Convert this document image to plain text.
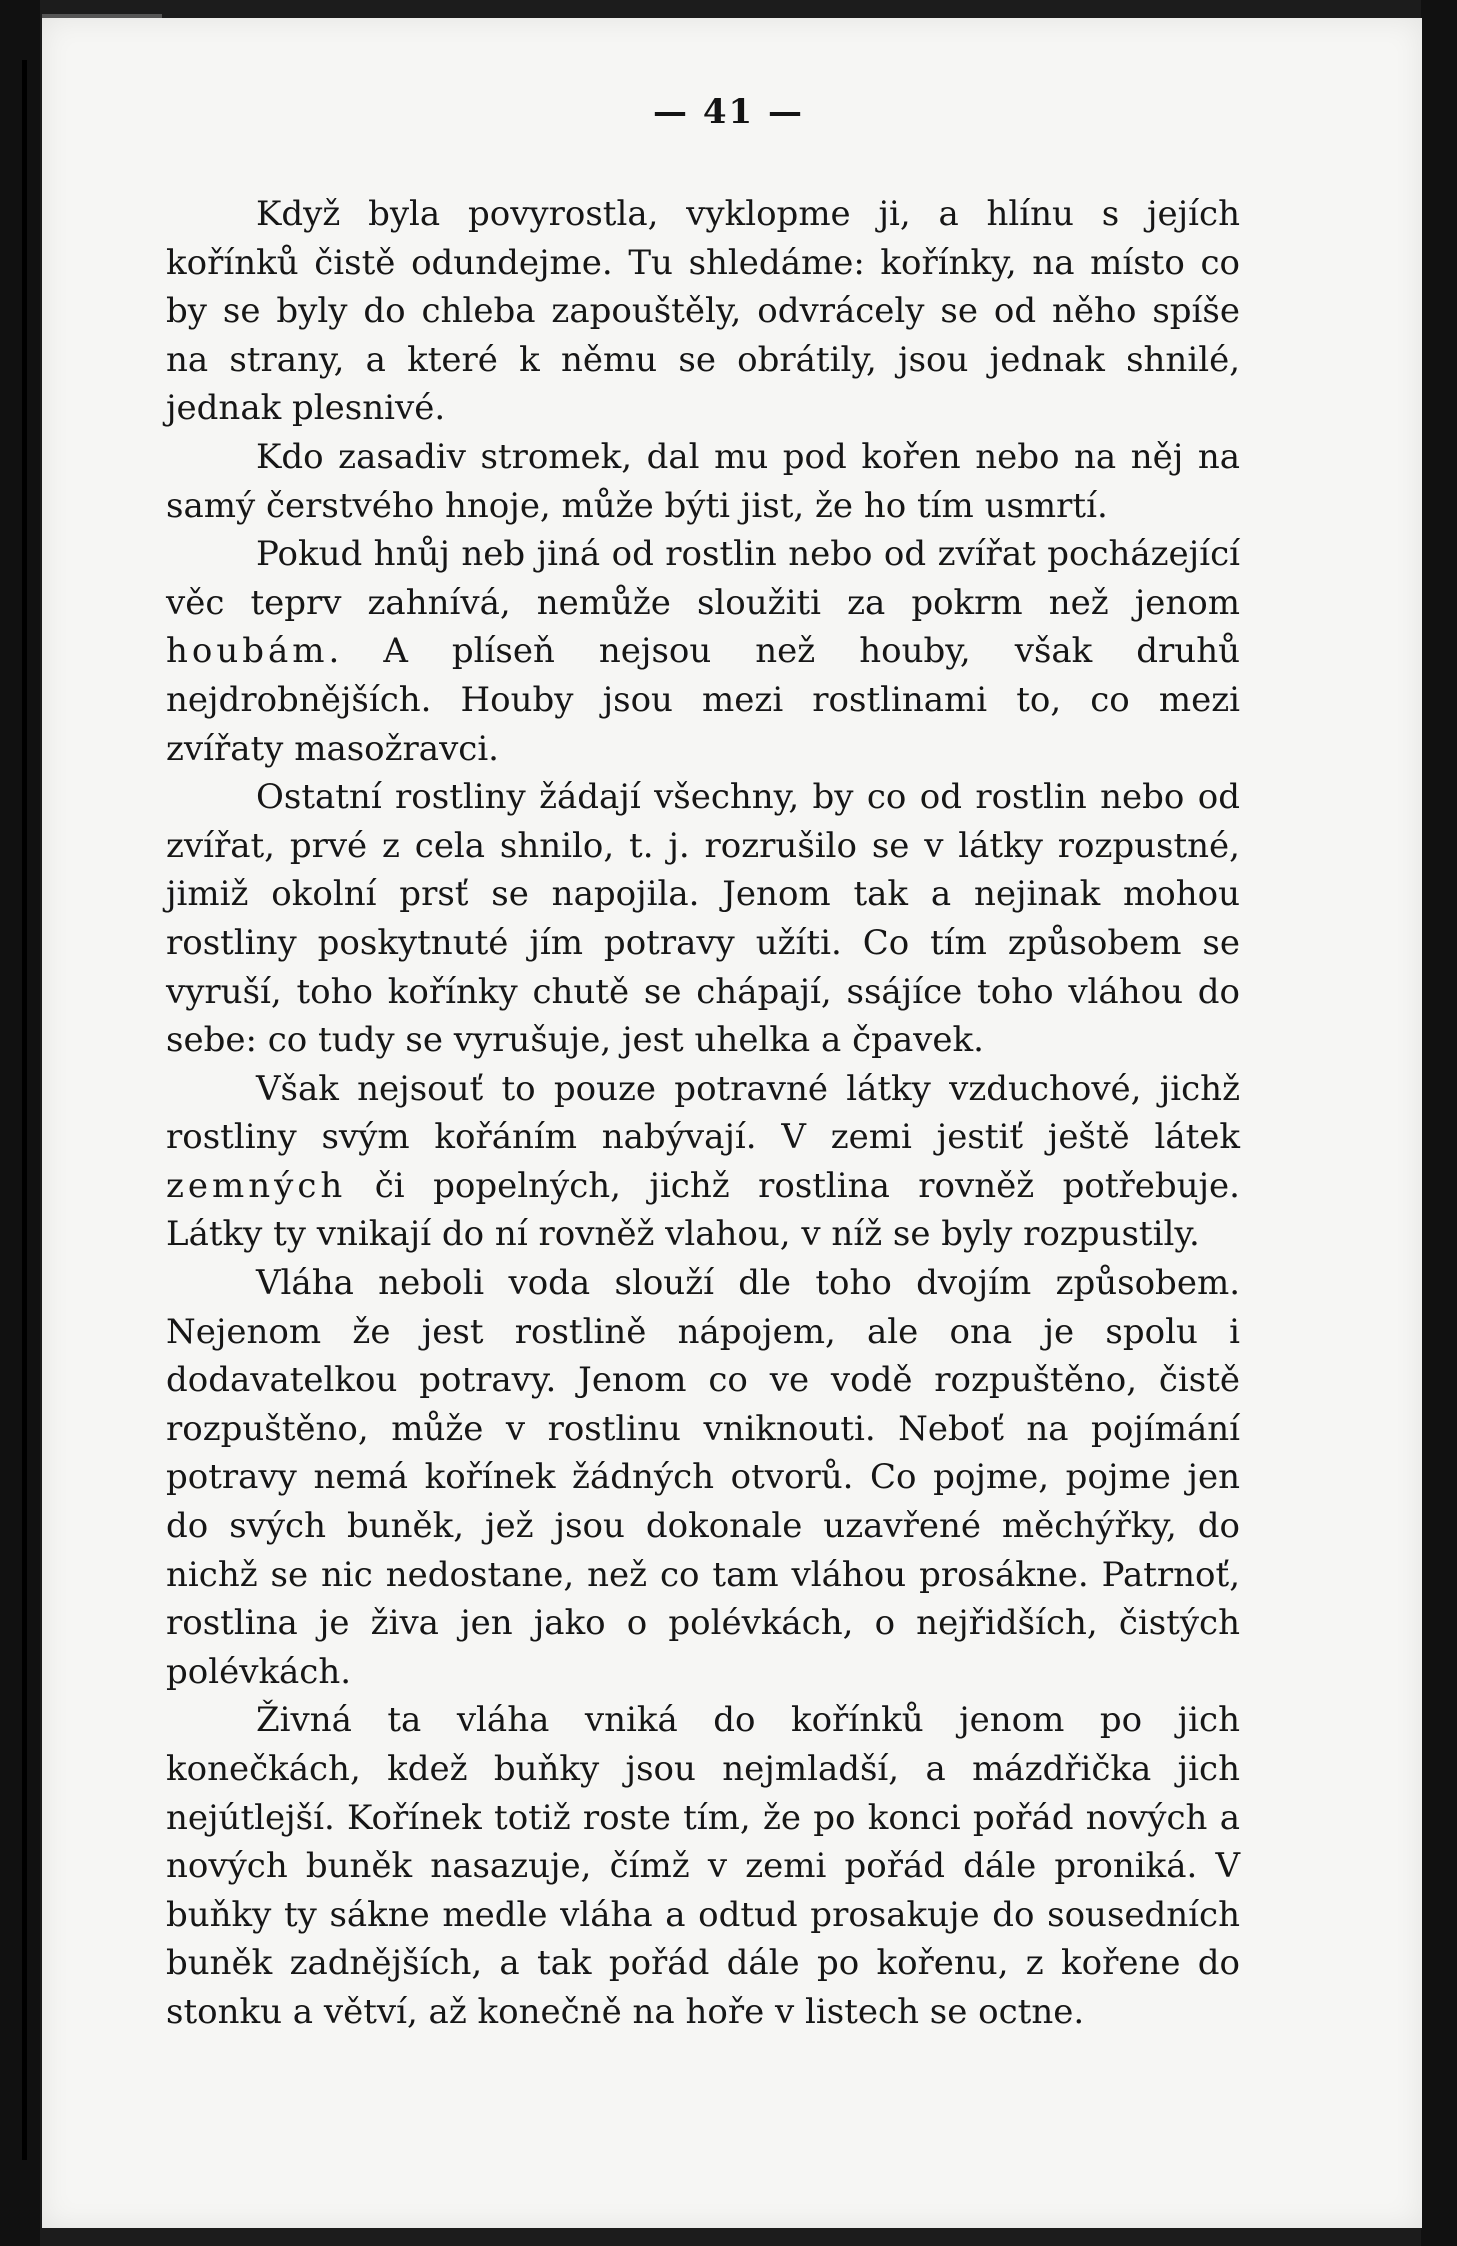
— 41 —

Když byla povyrostla, vyklopme ji, a hlínu s jejích kořínků čistě odundejme. Tu shledáme: kořínky, na místo co by se byly do chleba zapouštěly, odvrácely se od něho spíše na strany, a které k němu se obrátily, jsou jednak shnilé, jednak plesnivé.

Kdo zasadiv stromek, dal mu pod kořen nebo na něj na samý čerstvého hnoje, může býti jist, že ho tím usmrtí.

Pokud hnůj neb jiná od rostlin nebo od zvířat pocházející věc teprv zahnívá, nemůže sloužiti za pokrm než jenom houbám. A plíseň nejsou než houby, však druhů nejdrobnějších. Houby jsou mezi rostlinami to, co mezi zvířaty masožravci.

Ostatní rostliny žádají všechny, by co od rostlin nebo od zvířat, prvé z cela shnilo, t. j. rozrušilo se v látky rozpustné, jimiž okolní prsť se napojila. Jenom tak a nejinak mohou rostliny poskytnuté jím potravy užíti. Co tím způsobem se vyruší, toho kořínky chutě se chápají, ssájíce toho vláhou do sebe: co tudy se vyrušuje, jest uhelka a čpavek.

Však nejsouť to pouze potravné látky vzduchové, jichž rostliny svým kořáním nabývají. V zemi jestiť ještě látek zemných či popelných, jichž rostlina rovněž potřebuje. Látky ty vnikají do ní rovněž vlahou, v níž se byly rozpustily.

Vláha neboli voda slouží dle toho dvojím způsobem. Nejenom že jest rostlině nápojem, ale ona je spolu i dodavatelkou potravy. Jenom co ve vodě rozpuštěno, čistě rozpuštěno, může v rostlinu vniknouti. Neboť na pojímání potravy nemá kořínek žádných otvorů. Co pojme, pojme jen do svých buněk, jež jsou dokonale uzavřené měchýřky, do nichž se nic nedostane, než co tam vláhou prosákne. Patrnoť, rostlina je živa jen jako o polévkách, o nejřidších, čistých polévkách.

Živná ta vláha vniká do kořínků jenom po jich konečkách, kdež buňky jsou nejmladší, a mázdřička jich nejútlejší. Kořínek totiž roste tím, že po konci pořád nových a nových buněk nasazuje, čímž v zemi pořád dále proniká. V buňky ty sákne medle vláha a odtud prosakuje do sousedních buněk zadnějších, a tak pořád dále po kořenu, z kořene do stonku a větví, až konečně na hoře v listech se octne.
